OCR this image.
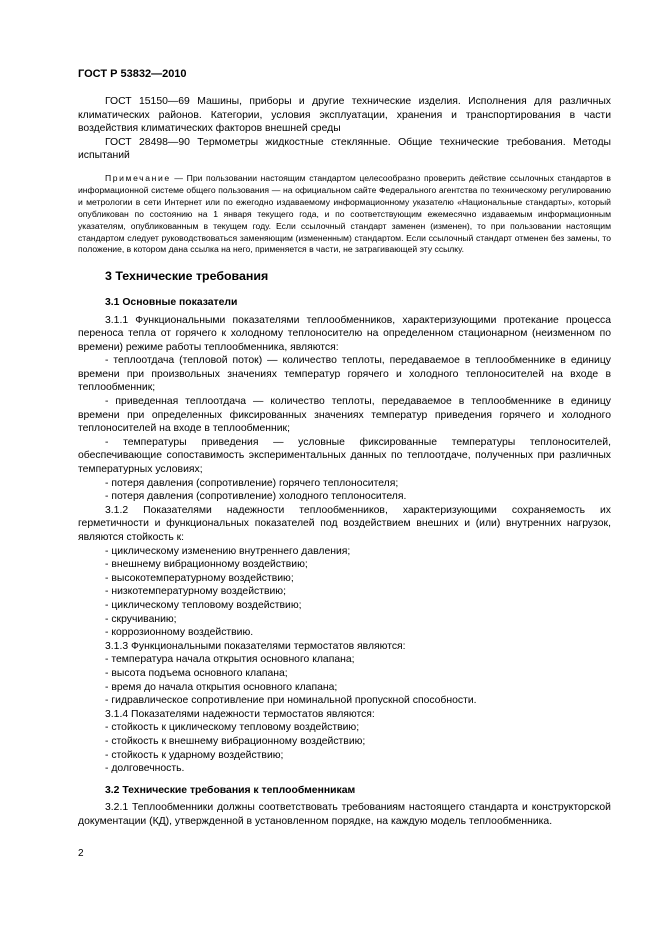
ГОСТ Р 53832—2010

ГОСТ 15150—69 Машины, приборы и другие технические изделия. Исполнения для различных климатических районов. Категории, условия эксплуатации, хранения и транспортирования в части воздействия климатических факторов внешней среды

ГОСТ 28498—90 Термометры жидкостные стеклянные. Общие технические требования. Методы испытаний

Примечание — При пользовании настоящим стандартом целесообразно проверить действие ссылочных стандартов в информационной системе общего пользования — на официальном сайте Федерального агентства по техническому регулированию и метрологии в сети Интернет или по ежегодно издаваемому информационному указателю «Национальные стандарты», который опубликован по состоянию на 1 января текущего года, и по соответствующим ежемесячно издаваемым информационным указателям, опубликованным в текущем году. Если ссылочный стандарт заменен (изменен), то при пользовании настоящим стандартом следует руководствоваться заменяющим (измененным) стандартом. Если ссылочный стандарт отменен без замены, то положение, в котором дана ссылка на него, применяется в части, не затрагивающей эту ссылку.

3 Технические требования
3.1 Основные показатели

3.1.1 Функциональными показателями теплообменников, характеризующими протекание процесса переноса тепла от горячего к холодному теплоносителю на определенном стационарном (неизменном по времени) режиме работы теплообменника, являются:

- теплоотдача (тепловой поток) — количество теплоты, передаваемое в теплообменнике в единицу времени при произвольных значениях температур горячего и холодного теплоносителей на входе в теплообменник;

- приведенная теплоотдача — количество теплоты, передаваемое в теплообменнике в единицу времени при определенных фиксированных значениях температур приведения горячего и холодного теплоносителей на входе в теплообменник;

- температуры приведения — условные фиксированные температуры теплоносителей, обеспечивающие сопоставимость экспериментальных данных по теплоотдаче, полученных при различных температурных условиях;

- потеря давления (сопротивление) горячего теплоносителя;

- потеря давления (сопротивление) холодного теплоносителя.

3.1.2 Показателями надежности теплообменников, характеризующими сохраняемость их герметичности и функциональных показателей под воздействием внешних и (или) внутренних нагрузок, являются стойкость к:

- циклическому изменению внутреннего давления;

- внешнему вибрационному воздействию;

- высокотемпературному воздействию;

- низкотемпературному воздействию;

- циклическому тепловому воздействию;

- скручиванию;

- коррозионному воздействию.

3.1.3 Функциональными показателями термостатов являются:

- температура начала открытия основного клапана;

- высота подъема основного клапана;

- время до начала открытия основного клапана;

- гидравлическое сопротивление при номинальной пропускной способности.

3.1.4 Показателями надежности термостатов являются:

- стойкость к циклическому тепловому воздействию;

- стойкость к внешнему вибрационному воздействию;

- стойкость к ударному воздействию;

- долговечность.

3.2 Технические требования к теплообменникам

3.2.1 Теплообменники должны соответствовать требованиям настоящего стандарта и конструкторской документации (КД), утвержденной в установленном порядке, на каждую модель теплообменника.

2
